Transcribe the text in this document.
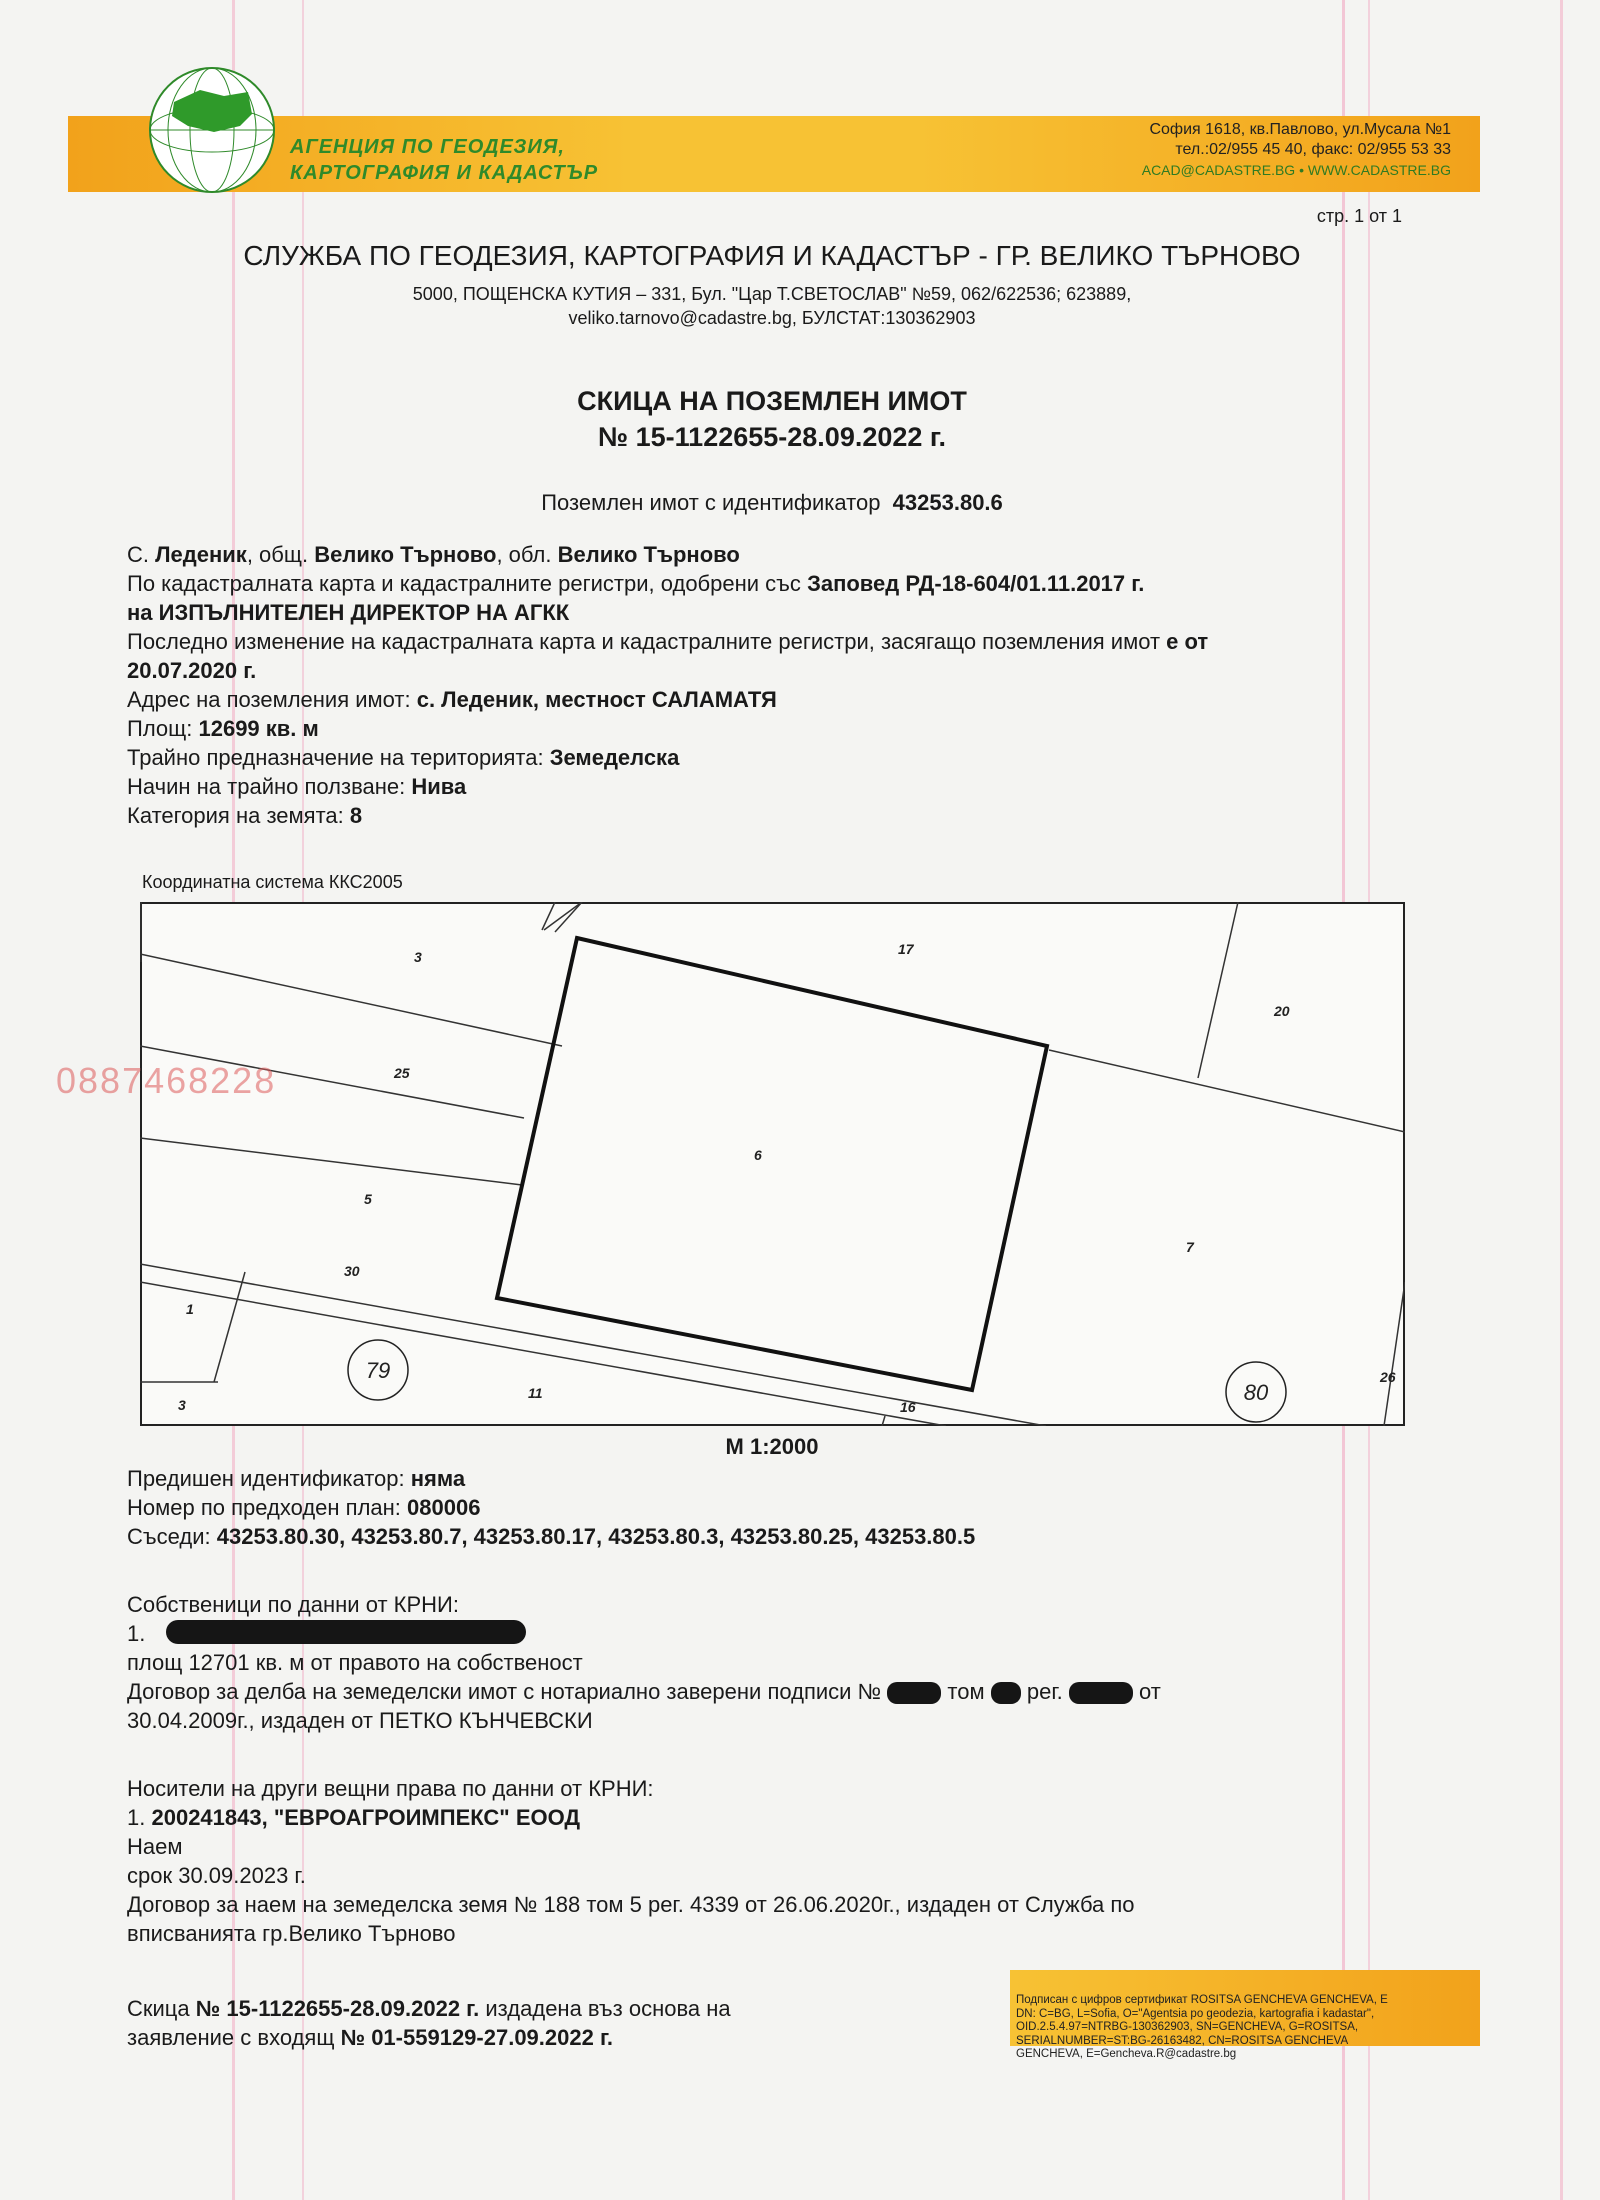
АГЕНЦИЯ ПО ГЕОДЕЗИЯ,
КАРТОГРАФИЯ И КАДАСТЪР
София 1618, кв.Павлово, ул.Мусала №1
тел.:02/955 45 40, факс: 02/955 53 33
ACAD@CADASTRE.BG • WWW.CADASTRE.BG
стр. 1 от 1
СЛУЖБА ПО ГЕОДЕЗИЯ, КАРТОГРАФИЯ И КАДАСТЪР - ГР. ВЕЛИКО ТЪРНОВО
5000, ПОЩЕНСКА КУТИЯ – 331, Бул. "Цар Т.СВЕТОСЛАВ" №59, 062/622536; 623889,
veliko.tarnovo@cadastre.bg, БУЛСТАТ:130362903
СКИЦА НА ПОЗЕМЛЕН ИМОТ
№ 15-1122655-28.09.2022 г.
Поземлен имот с идентификатор 43253.80.6
С. Леденик, общ. Велико Търново, обл. Велико Търново
По кадастралната карта и кадастралните регистри, одобрени със Заповед РД-18-604/01.11.2017 г.
на ИЗПЪЛНИТЕЛЕН ДИРЕКТОР НА АГКК
Последно изменение на кадастралната карта и кадастралните регистри, засягащо поземления имот е от
20.07.2020 г.
Адрес на поземления имот: с. Леденик, местност САЛАМАТЯ
Площ: 12699 кв. м
Трайно предназначение на територията: Земеделска
Начин на трайно ползване: Нива
Категория на земята: 8
Координатна система ККС2005
3	17
20
25
6
5
7
30
1
11
16
3
26
79
80
0887468228
М 1:2000
Предишен идентификатор: няма
Номер по предходен план: 080006
Съседи: 43253.80.30, 43253.80.7, 43253.80.17, 43253.80.3, 43253.80.25, 43253.80.5
Собственици по данни от КРНИ:
1.
площ 12701 кв. м от правото на собственост
Договор за делба на земеделски имот с нотариално заверени подписи №	том рег.	от
30.04.2009г., издаден от ПЕТКО КЪНЧЕВСКИ
Носители на други вещни права по данни от КРНИ:
1. 200241843, "ЕВРОАГРОИМПЕКС" ЕООД
Наем
срок 30.09.2023 г.
Договор за наем на земеделска земя № 188 том 5 рег. 4339 от 26.06.2020г., издаден от Служба по
вписванията гр.Велико Търново
Скица № 15-1122655-28.09.2022 г. издадена въз основа на
заявление с входящ № 01-559129-27.09.2022 г.
Подписан с цифров сертификат ROSITSA GENCHEVA GENCHEVA, E
DN: C=BG, L=Sofia, O="Agentsia po geodezia, kartografia i kadastar",
OID.2.5.4.97=NTRBG-130362903, SN=GENCHEVA, G=ROSITSA,
SERIALNUMBER=ST:BG-26163482, CN=ROSITSA GENCHEVA
GENCHEVA, E=Gencheva.R@cadastre.bg
